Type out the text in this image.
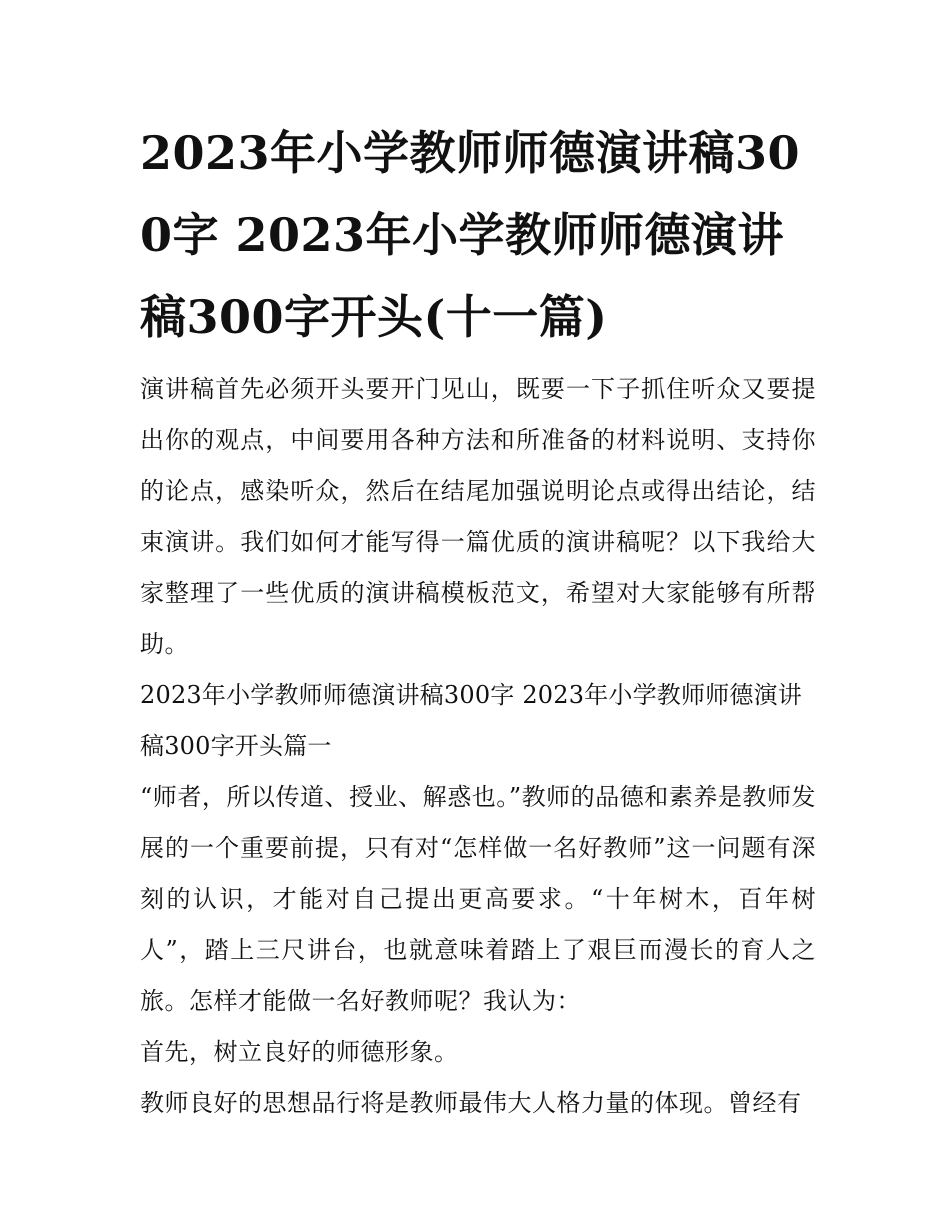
2023年小学教师师德演讲稿300字 2023年小学教师师德演讲稿300字开头(十一篇)

演讲稿首先必须开头要开门见山，既要一下子抓住听众又要提出你的观点，中间要用各种方法和所准备的材料说明、支持你的论点，感染听众，然后在结尾加强说明论点或得出结论，结束演讲。我们如何才能写得一篇优质的演讲稿呢？以下我给大家整理了一些优质的演讲稿模板范文，希望对大家能够有所帮助。

2023年小学教师师德演讲稿300字 2023年小学教师师德演讲稿300字开头篇一

“师者，所以传道、授业、解惑也。”教师的品德和素养是教师发展的一个重要前提，只有对“怎样做一名好教师”这一问题有深刻的认识，才能对自己提出更高要求。“十年树木，百年树人”，踏上三尺讲台，也就意味着踏上了艰巨而漫长的育人之旅。怎样才能做一名好教师呢？我认为：

首先，树立良好的师德形象。

教师良好的思想品行将是教师最伟大人格力量的体现。曾经有
